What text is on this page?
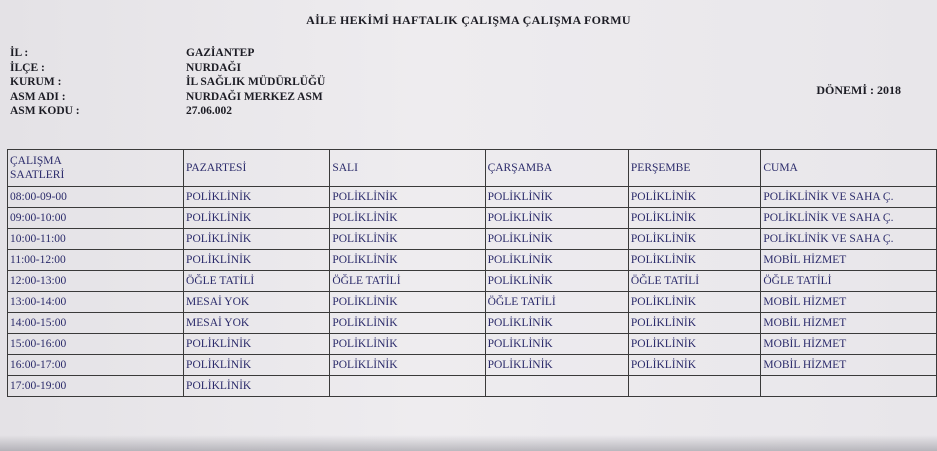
AİLE HEKİMİ HAFTALIK ÇALIŞMA ÇALIŞMA FORMU
İL :	GAZİANTEP
İLÇE :	NURDAĞI
KURUM :	İL SAĞLIK MÜDÜRLÜĞÜ
ASM ADI :	NURDAĞI MERKEZ ASM
ASM KODU :	27.06.002
DÖNEMİ : 2018
ÇALIŞMA SAATLERİ	PAZARTESİ	SALI	ÇARŞAMBA	PERŞEMBE	CUMA
08:00-09-00	POLİKLİNİK	POLİKLİNİK	POLİKLİNİK	POLİKLİNİK	POLİKLİNİK VE SAHA Ç.
09:00-10:00	POLİKLİNİK	POLİKLİNİK	POLİKLİNİK	POLİKLİNİK	POLİKLİNİK VE SAHA Ç.
10:00-11:00	POLİKLİNİK	POLİKLİNİK	POLİKLİNİK	POLİKLİNİK	POLİKLİNİK VE SAHA Ç.
11:00-12:00	POLİKLİNİK	POLİKLİNİK	POLİKLİNİK	POLİKLİNİK	MOBİL HİZMET
12:00-13:00	ÖĞLE TATİLİ	ÖĞLE TATİLİ	POLİKLİNİK	ÖĞLE TATİLİ	ÖĞLE TATİLİ
13:00-14:00	MESAİ YOK	POLİKLİNİK	ÖĞLE TATİLİ	POLİKLİNİK	MOBİL HİZMET
14:00-15:00	MESAİ YOK	POLİKLİNİK	POLİKLİNİK	POLİKLİNİK	MOBİL HİZMET
15:00-16:00	POLİKLİNİK	POLİKLİNİK	POLİKLİNİK	POLİKLİNİK	MOBİL HİZMET
16:00-17:00	POLİKLİNİK	POLİKLİNİK	POLİKLİNİK	POLİKLİNİK	MOBİL HİZMET
17:00-19:00	POLİKLİNİK				
